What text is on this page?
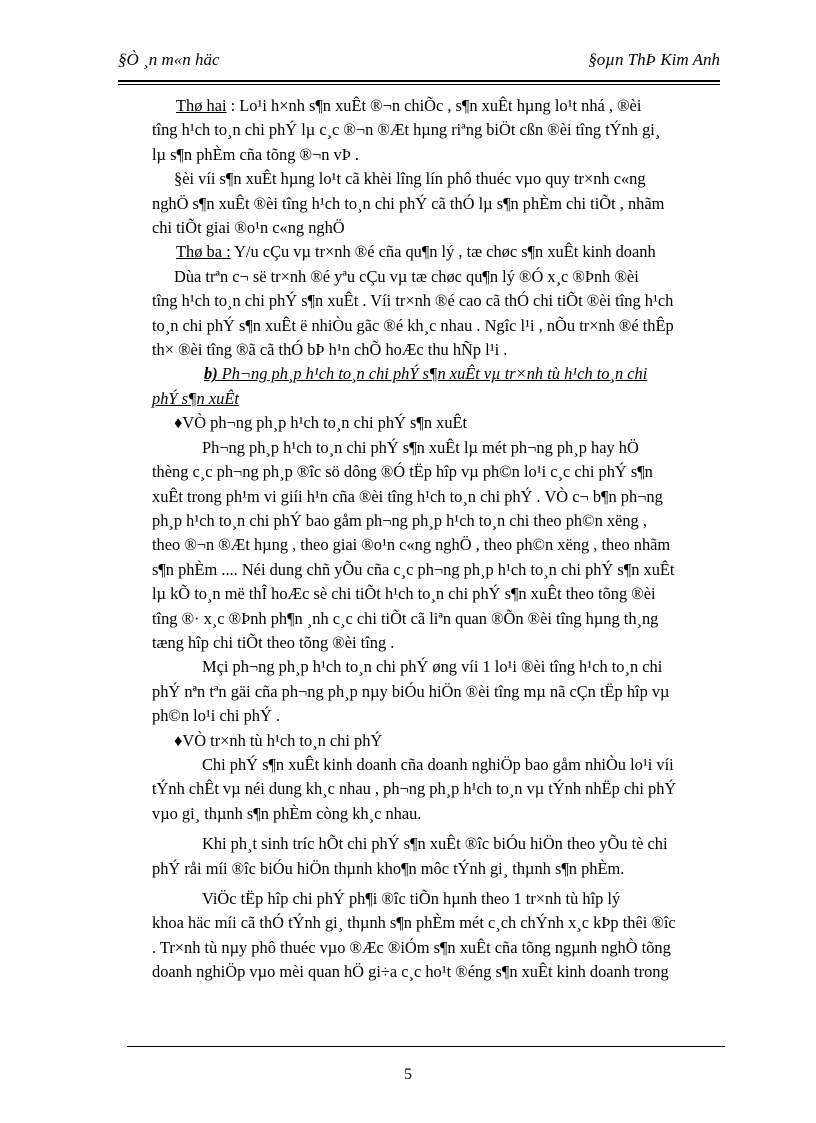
§Ò ¸n m«n häc	§oµn ThÞ Kim Anh

Thø hai : Lo¹i h×nh s¶n xuÊt ®¬n chiÕc , s¶n xuÊt hµng lo¹t nhá , ®èi

tîng h¹ch to¸n chi phÝ lµ c¸c ®¬n ®Æt hµng riªng biÖt cßn ®èi tîng tÝnh gi¸
lµ s¶n phÈm cña tõng ®¬n vÞ .

§èi víi s¶n xuÊt hµng lo¹t cã khèi lîng lín phô thuéc vµo quy tr×nh c«ng
nghÖ s¶n xuÊt ®èi tîng h¹ch to¸n chi phÝ cã thÓ lµ s¶n phÈm chi tiÕt , nhãm
chi tiÕt giai ®o¹n c«ng nghÖ

Thø ba : Y/u cÇu vµ tr×nh ®é cña qu¶n lý , tæ chøc s¶n xuÊt kinh doanh

Dùa trªn c¬ së tr×nh ®é yªu cÇu vµ tæ chøc qu¶n lý ®Ó x¸c ®Þnh ®èi
tîng h¹ch to¸n chi phÝ s¶n xuÊt . Víi tr×nh ®é cao cã thÓ chi tiÕt ®èi tîng h¹ch
to¸n chi phÝ s¶n xuÊt ë nhiÒu gãc ®é kh¸c nhau . Ngîc l¹i , nÕu tr×nh ®é thÊp
th× ®èi tîng ®ã cã thÓ bÞ h¹n chÕ hoÆc thu hÑp l¹i .

b) Ph¬ng ph¸p h¹ch to¸n chi phÝ s¶n xuÊt vµ tr×nh tù h¹ch to¸n chi
phÝ s¶n xuÊt

♦VÒ ph¬ng ph¸p h¹ch to¸n chi phÝ s¶n xuÊt

Ph¬ng ph¸p h¹ch to¸n chi phÝ s¶n xuÊt lµ mét ph¬ng ph¸p hay hÖ
thèng c¸c ph¬ng ph¸p ®îc sö dông ®Ó tËp hîp vµ ph©n lo¹i c¸c chi phÝ s¶n
xuÊt trong ph¹m vi giíi h¹n cña ®èi tîng h¹ch to¸n chi phÝ . VÒ c¬ b¶n ph¬ng
ph¸p h¹ch to¸n chi phÝ bao gåm ph¬ng ph¸p h¹ch to¸n chi theo ph©n xëng ,
theo ®¬n ®Æt hµng , theo giai ®o¹n c«ng nghÖ , theo ph©n xëng , theo nhãm
s¶n phÈm .... Néi dung chñ yÕu cña c¸c ph¬ng ph¸p h¹ch to¸n chi phÝ s¶n xuÊt
lµ kÕ to¸n më thÎ hoÆc sè chi tiÕt h¹ch to¸n chi phÝ s¶n xuÊt theo tõng ®èi
tîng ®· x¸c ®Þnh ph¶n ¸nh c¸c chi tiÕt cã liªn quan ®Õn ®èi tîng hµng th¸ng
tæng hîp chi tiÕt theo tõng ®èi tîng .

Mçi ph¬ng ph¸p h¹ch to¸n chi phÝ øng víi 1 lo¹i ®èi tîng h¹ch to¸n chi
phÝ nªn tªn gäi cña ph¬ng ph¸p nµy biÓu hiÖn ®èi tîng mµ nã cÇn tËp hîp vµ
ph©n lo¹i chi phÝ .

♦VÒ tr×nh tù h¹ch to¸n chi phÝ

Chi phÝ s¶n xuÊt kinh doanh cña doanh nghiÖp bao gåm nhiÒu lo¹i víi
tÝnh chÊt vµ néi dung kh¸c nhau , ph¬ng ph¸p h¹ch to¸n vµ tÝnh nhËp chi phÝ
vµo gi¸ thµnh s¶n phÈm còng kh¸c nhau.

Khi ph¸t sinh tríc hÕt chi phÝ s¶n xuÊt ®îc biÓu hiÖn theo yÕu tè chi
phÝ råi míi ®îc biÓu hiÖn thµnh kho¶n môc tÝnh gi¸ thµnh s¶n phÈm.

ViÖc tËp hîp chi phÝ ph¶i ®îc tiÕn hµnh theo 1 tr×nh tù hîp lý
khoa häc míi cã thÓ tÝnh gi¸ thµnh s¶n phÈm mét c¸ch chÝnh x¸c kÞp thêi ®îc
. Tr×nh tù nµy phô thuéc vµo ®Æc ®iÓm s¶n xuÊt cña tõng ngµnh nghÒ tõng
doanh nghiÖp vµo mèi quan hÖ gi÷a c¸c ho¹t ®éng s¶n xuÊt kinh doanh trong

5
